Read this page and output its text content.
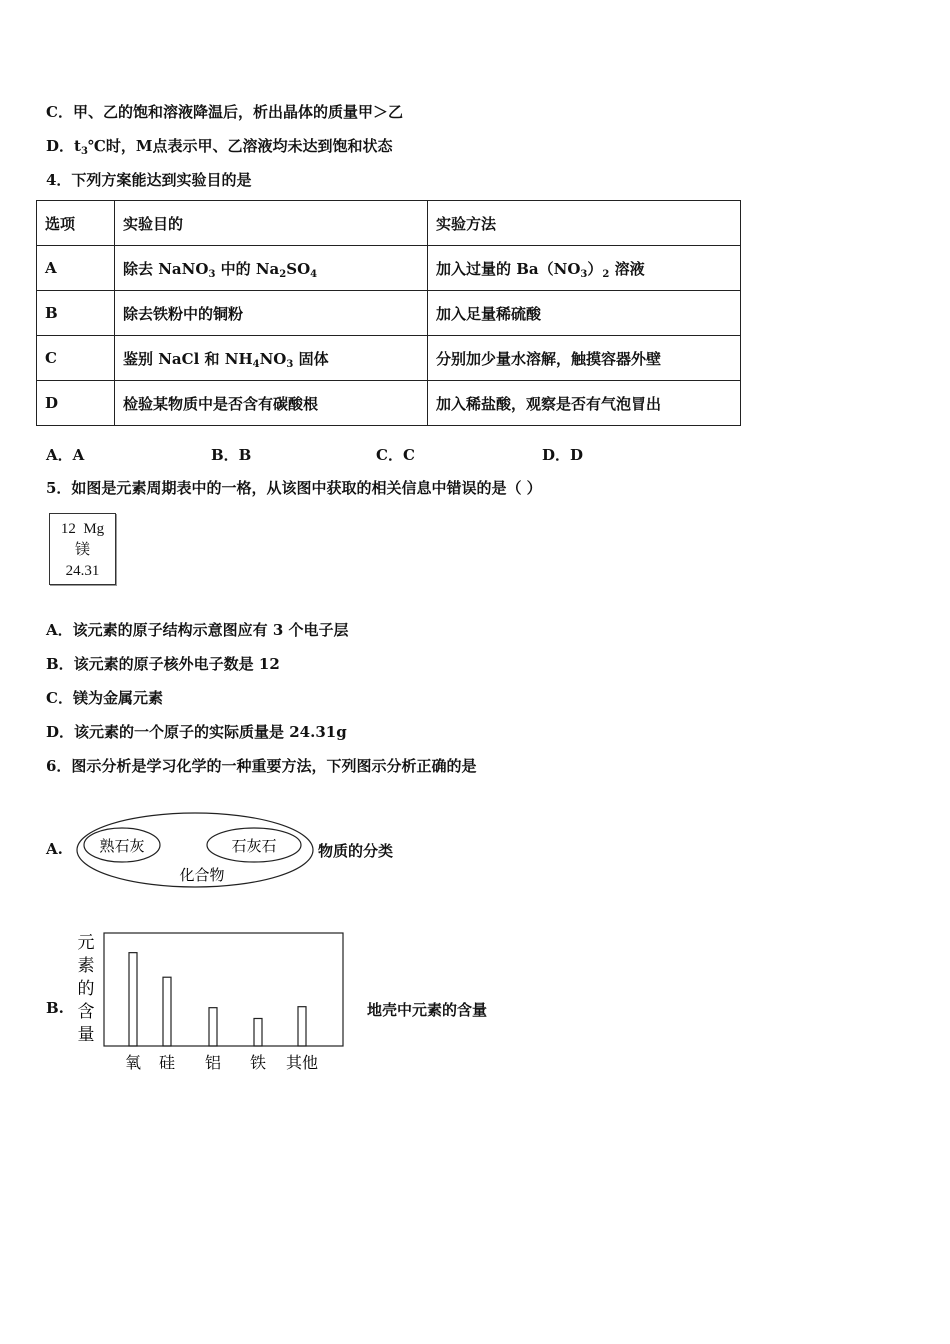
C．甲、乙的饱和溶液降温后，析出晶体的质量甲＞乙
D．$t_3℃$时，M点表示甲、乙溶液均未达到饱和状态
4．下列方案能达到实验目的是
选项	实验目的	实验方法
A	除去 NaNO$_3$ 中的 $Na_2SO_4$	加入过量的 $Ba(NO_3)_2$ 溶液
B	除去铁粉中的铜粉	加入足量稀硫酸
C	鉴别 NaCl 和 $NH_4NO_3$ 固体	分别加少量水溶解，触摸容器外壁
D	检验某物质中是否含有碳酸根	加入稀盐酸，观察是否有气泡冒出
A．A	B．B	C．C	D．D
5．如图是元素周期表中的一格，从该图中获取的相关信息中错误的是（ ）
12 Mg
镁
24.31
A．该元素的原子结构示意图应有 3 个电子层
B．该元素的原子核外电子数是 12
C．镁为金属元素
D．该元素的一个原子的实际质量是 24.31g
6．图示分析是学习化学的一种重要方法，下列图示分析正确的是
A. 熟石灰	石灰石
化合物
物质的分类
B.
元
素
的
含
量
氧 硅 铝 铁 其他
地壳中元素的含量
